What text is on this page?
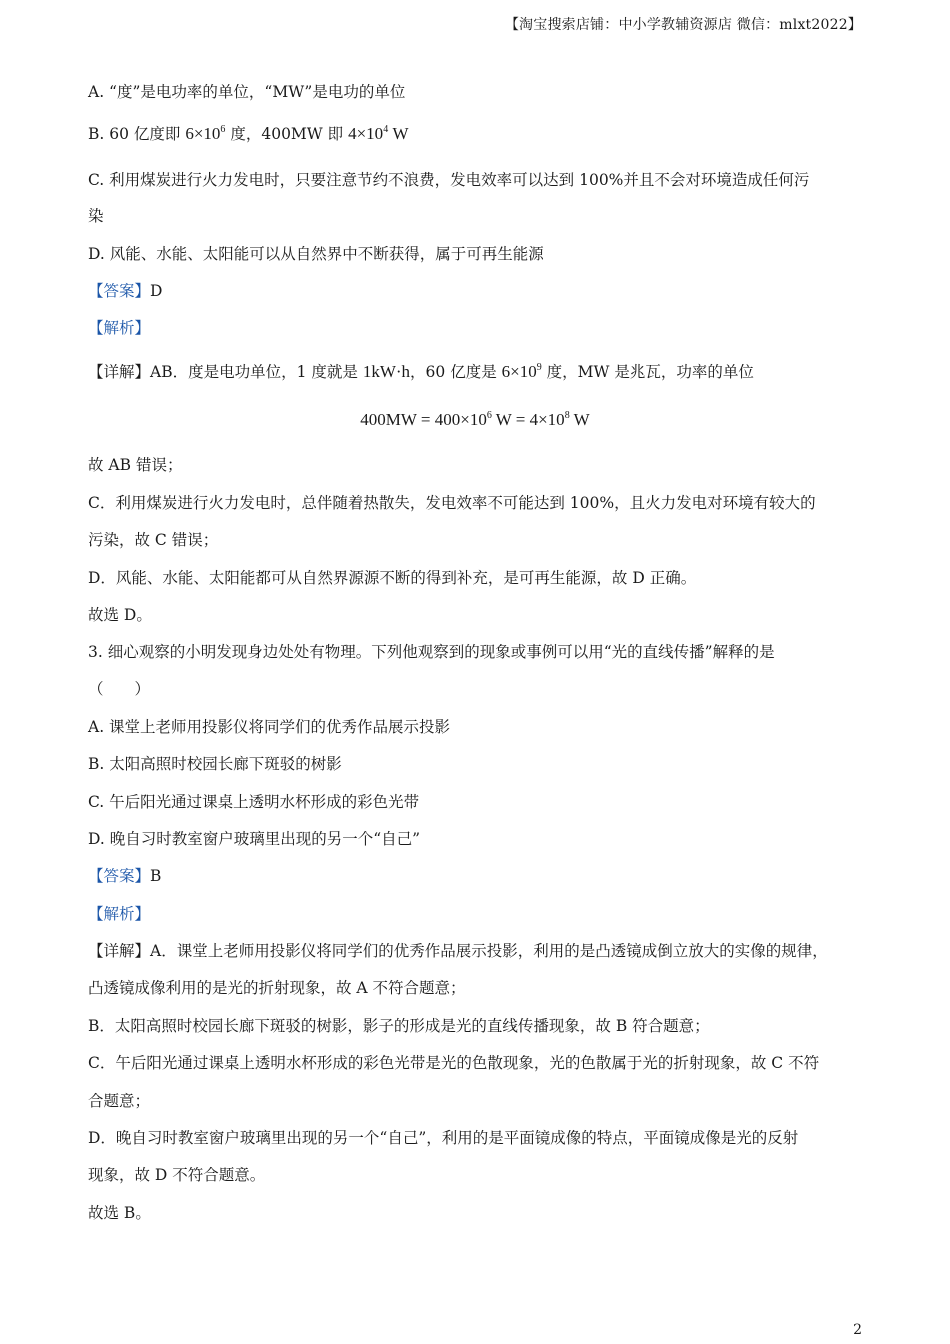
【淘宝搜索店铺：中小学教辅资源店 微信：mlxt2022】
A. “度”是电功率的单位，“MW”是电功的单位
B. 60 亿度即 $6\times 10^6$ 度，400MW 即 $4\times 10^4$ W
C. 利用煤炭进行火力发电时，只要注意节约不浪费，发电效率可以达到 100%并且不会对环境造成任何污
染
D. 风能、水能、太阳能可以从自然界中不断获得，属于可再生能源
【答案】D
【解析】
【详解】AB．度是电功单位，1 度就是 1kW·h，60 亿度是 $6\times 10^9$ 度，MW 是兆瓦，功率的单位
$400MW = 400\times 10^6$ $W = 4\times 10^8$ W
故 AB 错误；
C．利用煤炭进行火力发电时，总伴随着热散失，发电效率不可能达到 100%，且火力发电对环境有较大的
污染，故 C 错误；
D．风能、水能、太阳能都可从自然界源源不断的得到补充，是可再生能源，故 D 正确。
故选 D。
3. 细心观察的小明发现身边处处有物理。下列他观察到的现象或事例可以用“光的直线传播”解释的是
（　　）
A. 课堂上老师用投影仪将同学们的优秀作品展示投影
B. 太阳高照时校园长廊下斑驳的树影
C. 午后阳光通过课桌上透明水杯形成的彩色光带
D. 晚自习时教室窗户玻璃里出现的另一个“自己”
【答案】B
【解析】
【详解】A．课堂上老师用投影仪将同学们的优秀作品展示投影，利用的是凸透镜成倒立放大的实像的规律，
凸透镜成像利用的是光的折射现象，故 A 不符合题意；
B．太阳高照时校园长廊下斑驳的树影，影子的形成是光的直线传播现象，故 B 符合题意；
C．午后阳光通过课桌上透明水杯形成的彩色光带是光的色散现象，光的色散属于光的折射现象，故 C 不符
合题意；
D．晚自习时教室窗户玻璃里出现的另一个“自己”，利用的是平面镜成像的特点，平面镜成像是光的反射
现象，故 D 不符合题意。
故选 B。
2
